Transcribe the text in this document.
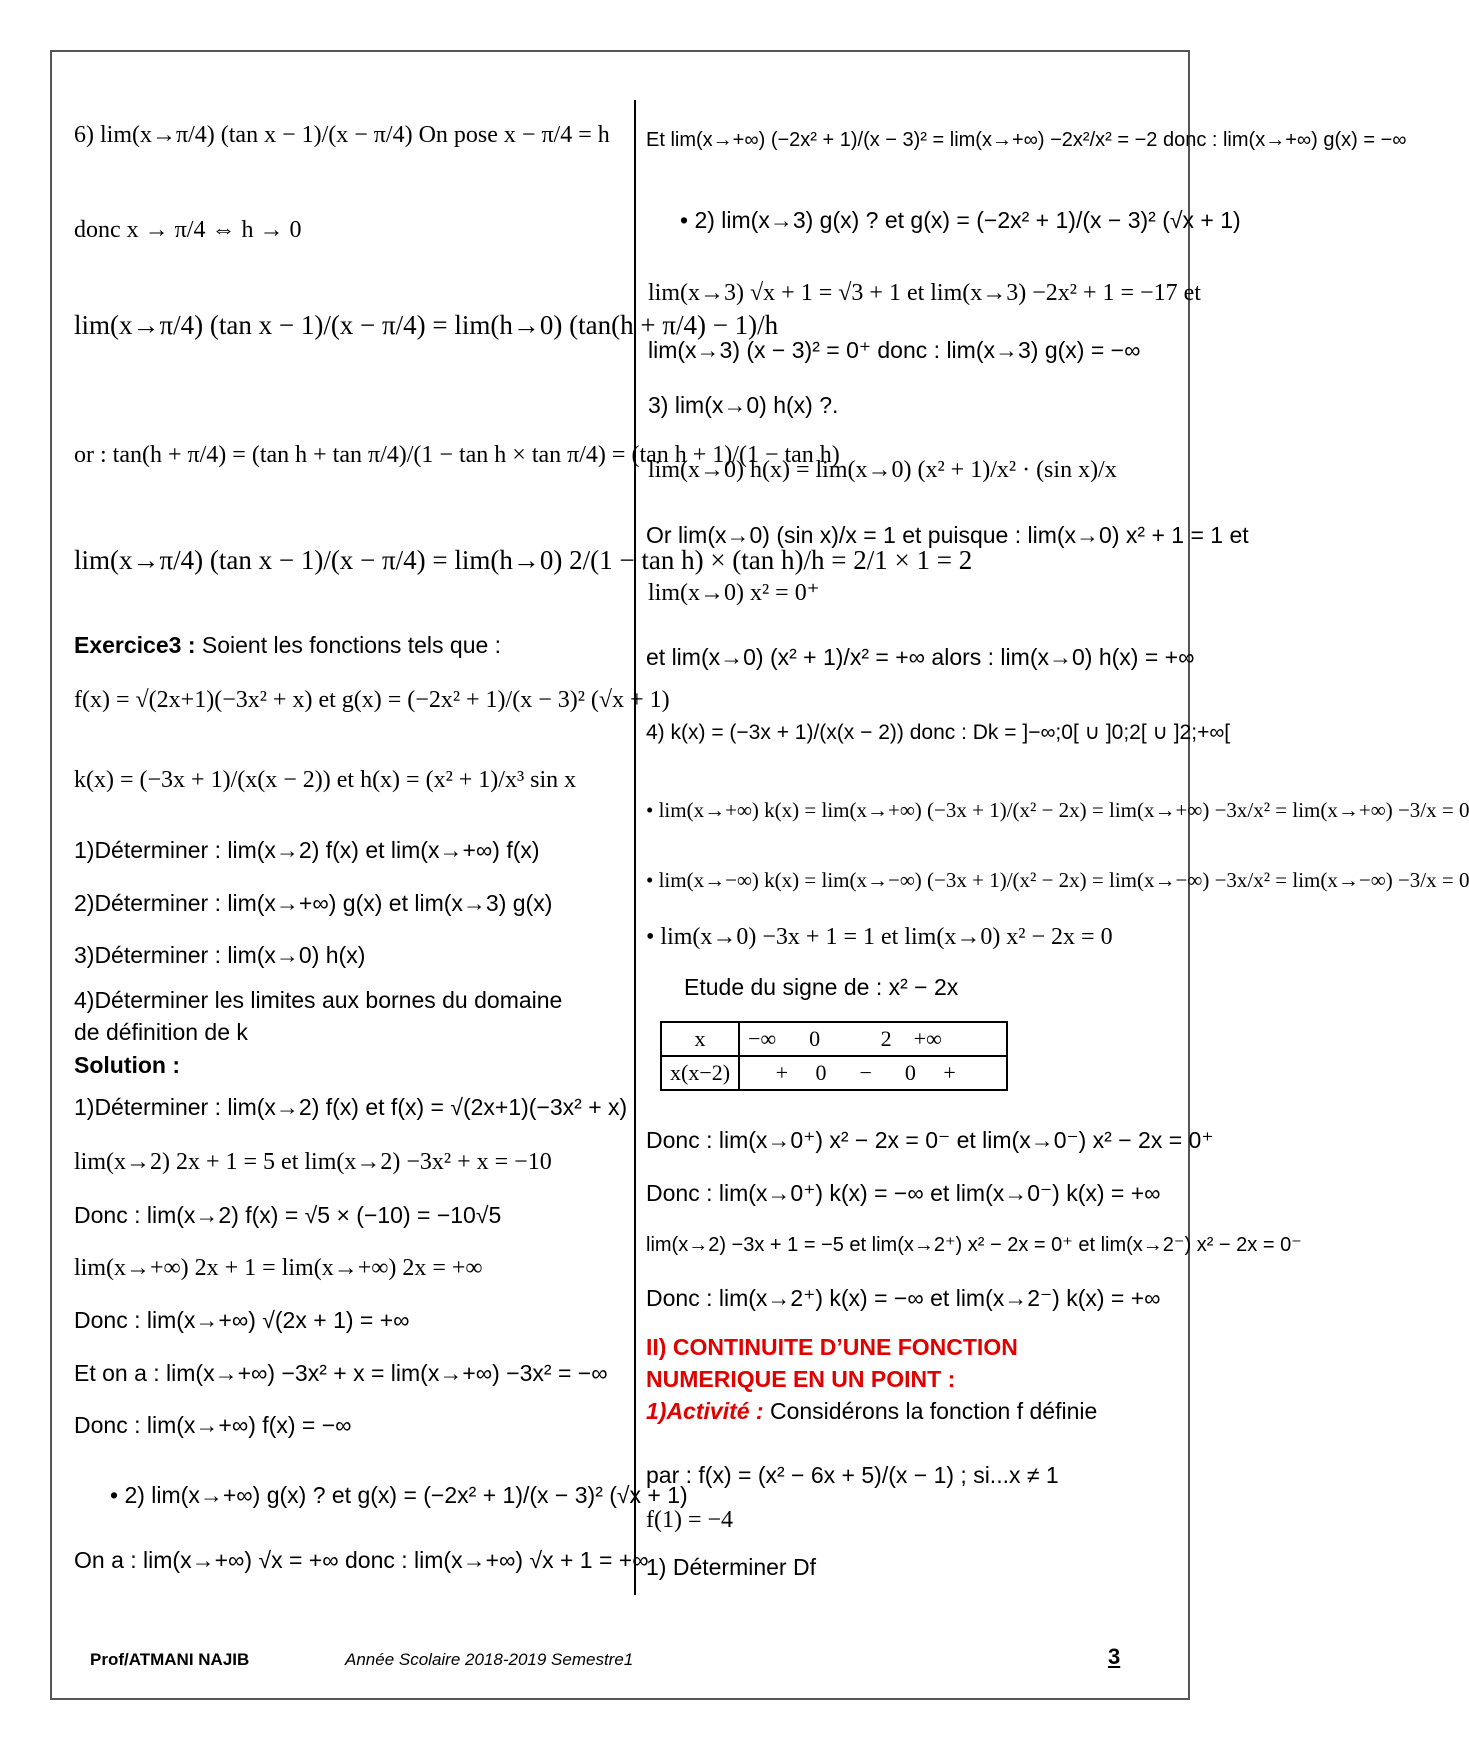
6) lim(x→π/4) (tan x − 1)/(x − π/4) On pose x − π/4 = h
donc x → π/4 ⇔ h → 0
lim(x→π/4) (tan x − 1)/(x − π/4) = lim(h→0) (tan(h + π/4) − 1)/h
or : tan(h + π/4) = (tan h + tan π/4)/(1 − tan h × tan π/4) = (tan h + 1)/(1 − tan h)
lim(x→π/4) (tan x − 1)/(x − π/4) = lim(h→0) 2/(1 − tan h) × (tan h)/h = 2/1 × 1 = 2
Exercice3 : Soient les fonctions tels que :
f(x) = √(2x+1)(−3x² + x) et g(x) = (−2x² + 1)/(x − 3)² (√x + 1)
k(x) = (−3x + 1)/(x(x − 2)) et h(x) = (x² + 1)/x³ sin x
1)Déterminer : lim(x→2) f(x) et lim(x→+∞) f(x)
2)Déterminer : lim(x→+∞) g(x) et lim(x→3) g(x)
3)Déterminer : lim(x→0) h(x)
4)Déterminer les limites aux bornes du domaine
de définition de k
Solution :
1)Déterminer : lim(x→2) f(x) et f(x) = √(2x+1)(−3x² + x)
lim(x→2) 2x + 1 = 5 et lim(x→2) −3x² + x = −10
Donc : lim(x→2) f(x) = √5 × (−10) = −10√5
lim(x→+∞) 2x + 1 = lim(x→+∞) 2x = +∞
Donc : lim(x→+∞) √(2x + 1) = +∞
Et on a : lim(x→+∞) −3x² + x = lim(x→+∞) −3x² = −∞
Donc : lim(x→+∞) f(x) = −∞
• 2) lim(x→+∞) g(x) ? et g(x) = (−2x² + 1)/(x − 3)² (√x + 1)
On a : lim(x→+∞) √x = +∞ donc : lim(x→+∞) √x + 1 = +∞
Et lim(x→+∞) (−2x² + 1)/(x − 3)² = lim(x→+∞) −2x²/x² = −2 donc : lim(x→+∞) g(x) = −∞
• 2) lim(x→3) g(x) ? et g(x) = (−2x² + 1)/(x − 3)² (√x + 1)
lim(x→3) √x + 1 = √3 + 1 et lim(x→3) −2x² + 1 = −17 et
lim(x→3) (x − 3)² = 0⁺ donc : lim(x→3) g(x) = −∞
3) lim(x→0) h(x) ?.
lim(x→0) h(x) = lim(x→0) (x² + 1)/x² · (sin x)/x
Or lim(x→0) (sin x)/x = 1 et puisque : lim(x→0) x² + 1 = 1 et
lim(x→0) x² = 0⁺
et lim(x→0) (x² + 1)/x² = +∞ alors : lim(x→0) h(x) = +∞
4) k(x) = (−3x + 1)/(x(x − 2)) donc : Dk = ]−∞;0[ ∪ ]0;2[ ∪ ]2;+∞[
• lim(x→+∞) k(x) = lim(x→+∞) (−3x + 1)/(x² − 2x) = lim(x→+∞) −3x/x² = lim(x→+∞) −3/x = 0
• lim(x→−∞) k(x) = lim(x→−∞) (−3x + 1)/(x² − 2x) = lim(x→−∞) −3x/x² = lim(x→−∞) −3/x = 0
• lim(x→0) −3x + 1 = 1 et lim(x→0) x² − 2x = 0
Etude du signe de : x² − 2x
x	−∞ 0 2 +∞
x(x−2)	+ 0 − 0 +
Donc : lim(x→0⁺) x² − 2x = 0⁻ et lim(x→0⁻) x² − 2x = 0⁺
Donc : lim(x→0⁺) k(x) = −∞ et lim(x→0⁻) k(x) = +∞
lim(x→2) −3x + 1 = −5 et lim(x→2⁺) x² − 2x = 0⁺ et lim(x→2⁻) x² − 2x = 0⁻
Donc : lim(x→2⁺) k(x) = −∞ et lim(x→2⁻) k(x) = +∞
II) CONTINUITE D’UNE FONCTION
NUMERIQUE EN UN POINT :
1)Activité : Considérons la fonction f définie
par : f(x) = (x² − 6x + 5)/(x − 1) ; si...x ≠ 1
f(1) = −4
1) Déterminer Df
Prof/ATMANI NAJIB	Année Scolaire 2018-2019 Semestre1	3
